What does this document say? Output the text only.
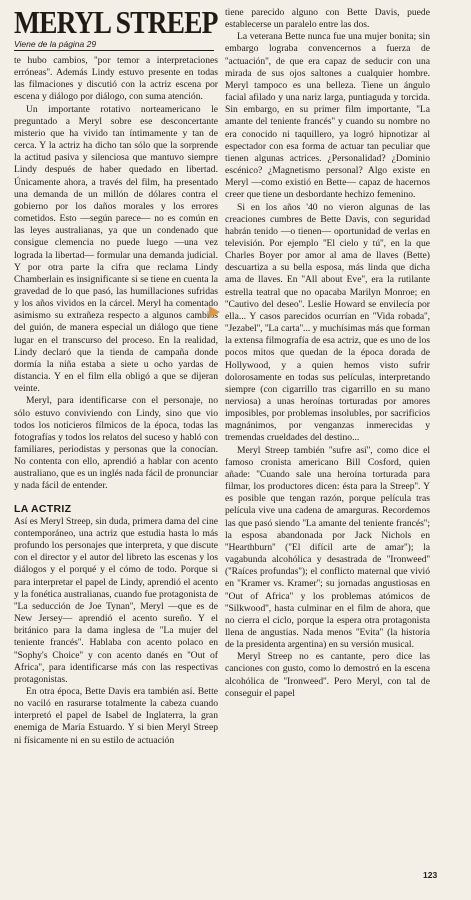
MERYL STREEP
Viene de la página 29

te hubo cambios, ''por temor a interpretaciones erróneas''. Además Lindy estuvo presente en todas las filmaciones y discutió con la actriz escena por escena y diálogo por diálogo, con suma atención.

Un importante rotativo norteamericano le preguntado a Meryl sobre ese desconcertante misterio que ha vivido tan íntimamente y tan de cerca. Y la actriz ha dicho tan sólo que la sorprende la actitud pasiva y silenciosa que mantuvo siempre Lindy después de haber quedado en libertad. Únicamente ahora, a través del film, ha presentado una demanda de un millón de dólares contra el gobierno por los daños morales y los errores cometidos. Esto —según parece— no es común en las leyes australianas, ya que un condenado que consigue clemencia no puede luego —una vez lograda la libertad— formular una demanda judicial. Y por otra parte la cifra que reclama Lindy Chamberlain es insignificante si se tiene en cuenta la gravedad de lo que pasó, las humillaciones sufridas y los años vividos en la cárcel. Meryl ha comentado asimismo su extrañeza respecto a algunos cambios del guión, de manera especial un diálogo que tiene lugar en el transcurso del proceso. En la realidad, Lindy declaró que la tienda de campaña donde dormía la niña estaba a siete u ocho yardas de distancia. Y en el film ella obligó a que se dijeran veinte.

Meryl, para identificarse con el personaje, no sólo estuvo conviviendo con Lindy, sino que vio todos los noticieros fílmicos de la época, todas las fotografías y todos los relatos del suceso y habló con familiares, periodistas y personas que la conocían. No contenta con ello, aprendió a hablar con acento australiano, que es un inglés nada fácil de pronunciar y nada fácil de entender.

LA ACTRIZ

Así es Meryl Streep, sin duda, primera dama del cine contemporáneo, una actriz que estudia hasta lo más profundo los personajes que interpreta, y que discute con el director y el autor del libreto las escenas y los diálogos y el porqué y el cómo de todo. Porque si para interpretar el papel de Lindy, aprendió el acento y la fonética australianas, cuando fue protagonista de ''La seducción de Joe Tynan'', Meryl —que es de New Jersey— aprendió el acento sureño. Y el británico para la dama inglesa de ''La mujer del teniente francés''. Hablaba con acento polaco en ''Sophy's Choice'' y con acento danés en ''Out of Africa'', para identificarse más con las respectivas protagonistas.

En otra época, Bette Davis era también así. Bette no vaciló en rasurarse totalmente la cabeza cuando interpretó el papel de Isabel de Inglaterra, la gran enemiga de María Estuardo. Y si bien Meryl Streep ni físicamente ni en su estilo de actuación

tiene parecido alguno con Bette Davis, puede establecerse un paralelo entre las dos.

La veterana Bette nunca fue una mujer bonita; sin embargo lograba convencernos a fuerza de ''actuación'', de que era capaz de seducir con una mirada de sus ojos saltones a cualquier hombre. Meryl tampoco es una belleza. Tiene un ángulo facial afilado y una nariz larga, puntiaguda y torcida. Sin embargo, en su primer film importante, ''La amante del teniente francés'' y cuando su nombre no era conocido ni taquillero, ya logró hipnotizar al espectador con esa forma de actuar tan peculiar que tienen algunas actrices. ¿Personalidad? ¿Dominio escénico? ¿Magnetismo personal? Algo existe en Meryl —como existió en Bette— capaz de hacernos creer que tiene un desbordante hechizo femenino.

Si en los años '40 no vieron algunas de las creaciones cumbres de Bette Davis, con seguridad habrán tenido —o tienen— oportunidad de verlas en televisión. Por ejemplo ''El cielo y tú'', en la que Charles Boyer por amor al ama de llaves (Bette) descuartiza a su bella esposa, más linda que dicha ama de llaves. En ''All about Eve'', era la rutilante estrella teatral que no opacaba Marilyn Monroe; en ''Cautivo del deseo''. Leslie Howard se envilecía por ella... Y casos parecidos ocurrían en ''Vida robada'', ''Jezabel'', ''La carta''... y muchísimas más que forman la extensa filmografía de esa actriz, que es uno de los pocos mitos que quedan de la época dorada de Hollywood, y a quien hemos visto sufrir dolorosamente en todas sus películas, interpretando siempre (con cigarrillo tras cigarrillo en su mano nerviosa) a unas heroínas torturadas por amores imposibles, por problemas insolubles, por sacrificios magnánimos, por venganzas inmerecidas y tremendas crueldades del destino...

Meryl Streep también ''sufre así'', como dice el famoso cronista americano Bill Cosford, quien añade: ''Cuando sale una heroína torturada para filmar, los productores dicen: ésta para la Streep''. Y es posible que tengan razón, porque película tras película vive una cadena de amarguras. Recordemos las que pasó siendo ''La amante del teniente francés''; la esposa abandonada por Jack Nichols en ''Hearthburn'' (''El difícil arte de amar''); la vagabunda alcohólica y desastrada de ''Ironweed'' (''Raíces profundas''); el conflicto maternal que vivió en ''Kramer vs. Kramer''; su jornadas angustiosas en ''Out of Africa'' y los problemas atómicos de ''Silkwood'', hasta culminar en el film de ahora, que no cierra el ciclo, porque la espera otra protagonista llena de angustias. Nada menos ''Evita'' (la historia de la presidenta argentina) en su versión musical.

Meryl Streep no es cantante, pero dice las canciones con gusto, como lo demostró en la escena alcohólica de ''Ironweed''. Pero Meryl, con tal de conseguir el papel

123
